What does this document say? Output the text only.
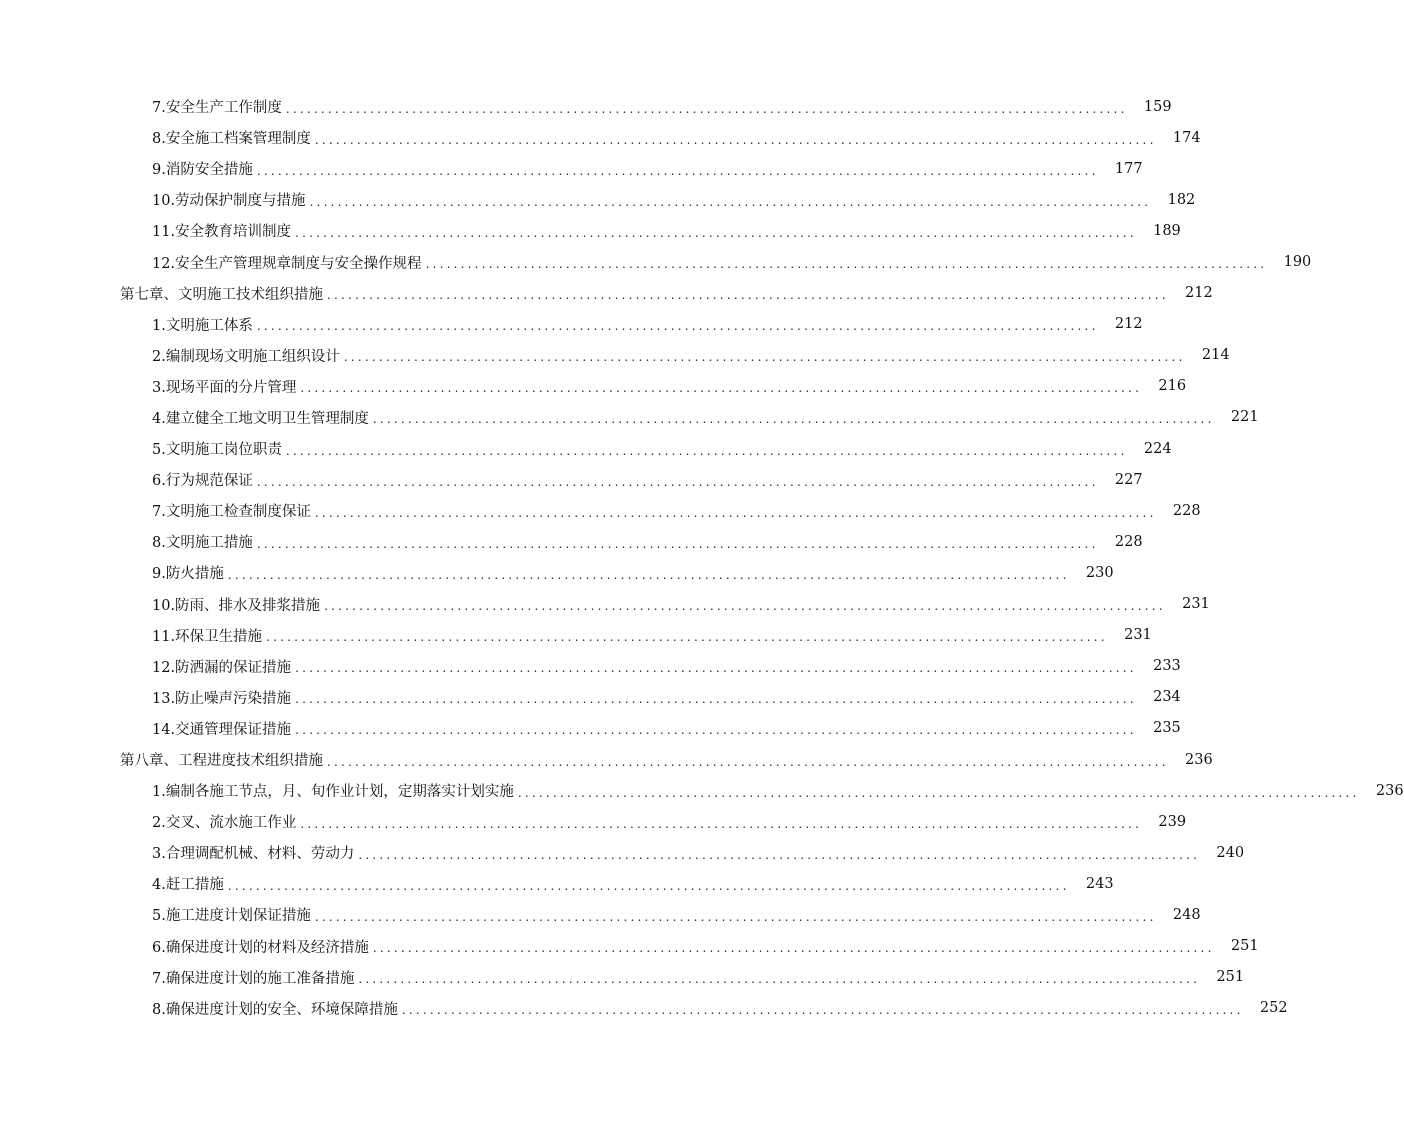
7.安全生产工作制度 ........................................................................................................................	159
8.安全施工档案管理制度 ........................................................................................................................	174
9.消防安全措施 ........................................................................................................................	177
10.劳动保护制度与措施 ........................................................................................................................	182
11.安全教育培训制度 ........................................................................................................................	189
12.安全生产管理规章制度与安全操作规程 ........................................................................................................................	190
第七章、文明施工技术组织措施 ........................................................................................................................	212
1.文明施工体系 ........................................................................................................................	212
2.编制现场文明施工组织设计 ........................................................................................................................	214
3.现场平面的分片管理 ........................................................................................................................	216
4.建立健全工地文明卫生管理制度 ........................................................................................................................	221
5.文明施工岗位职责 ........................................................................................................................	224
6.行为规范保证 ........................................................................................................................	227
7.文明施工检查制度保证 ........................................................................................................................	228
8.文明施工措施 ........................................................................................................................	228
9.防火措施 ........................................................................................................................	230
10.防雨、排水及排浆措施 ........................................................................................................................	231
11.环保卫生措施 ........................................................................................................................	231
12.防洒漏的保证措施 ........................................................................................................................	233
13.防止噪声污染措施 ........................................................................................................................	234
14.交通管理保证措施 ........................................................................................................................	235
第八章、工程进度技术组织措施 ........................................................................................................................	236
1.编制各施工节点，月、旬作业计划，定期落实计划实施 ........................................................................................................................	236
2.交叉、流水施工作业 ........................................................................................................................	239
3.合理调配机械、材料、劳动力 ........................................................................................................................	240
4.赶工措施 ........................................................................................................................	243
5.施工进度计划保证措施 ........................................................................................................................	248
6.确保进度计划的材料及经济措施 ........................................................................................................................	251
7.确保进度计划的施工准备措施 ........................................................................................................................	251
8.确保进度计划的安全、环境保障措施 ........................................................................................................................	252
